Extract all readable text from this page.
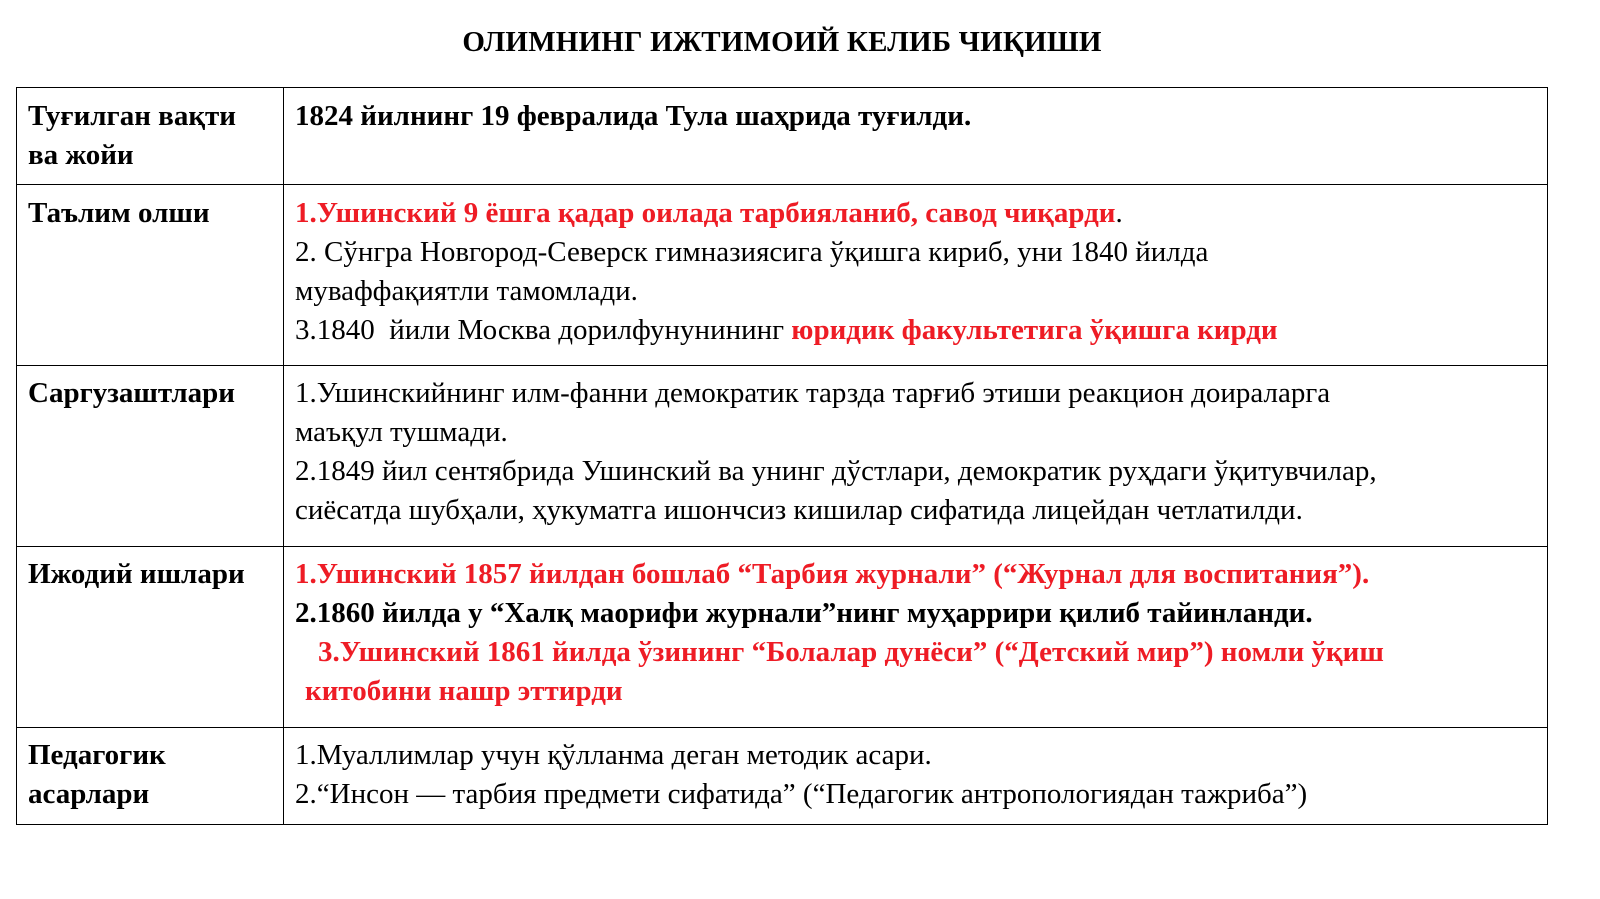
ОЛИМНИНГ ИЖТИМОИЙ КЕЛИБ ЧИҚИШИ
Туғилган вақти ва жойи	1824 йилнинг 19 февралида Тула шаҳрида туғилди.

Таълим олши	1.Ушинский 9 ёшга қадар оилада тарбияланиб, савод чиқарди.
2. Сўнгра Новгород-Северск гимназиясига ўқишга кириб, уни 1840 йилда
муваффақиятли тамомлади.
3.1840  йили Москва дорилфунунининг юридик факультетига ўқишга кирди

Саргузаштлари	1.Ушинскийнинг илм-фанни демократик тарзда тарғиб этиши реакцион доираларга
маъқул тушмади.
2.1849 йил сентябрида Ушинский ва унинг дўстлари, демократик руҳдаги ўқитувчилар,
сиёсатда шубҳали, ҳукуматга ишончсиз кишилар сифатида лицейдан четлатилди.

Ижодий ишлари	1.Ушинский 1857 йилдан бошлаб “Тарбия журнали” (“Журнал для воспитания”).
2.1860 йилда у “Халқ маорифи журнали”нинг муҳаррири қилиб тайинланди.
3.Ушинский 1861 йилда ўзининг “Болалар дунёси” (“Детский мир”) номли ўқиш
китобини нашр эттирди

Педагогик асарлари	1.Муаллимлар учун қўлланма деган методик асари.
2.“Инсон — тарбия предмети сифатида” (“Педагогик антропологиядан тажриба”)
